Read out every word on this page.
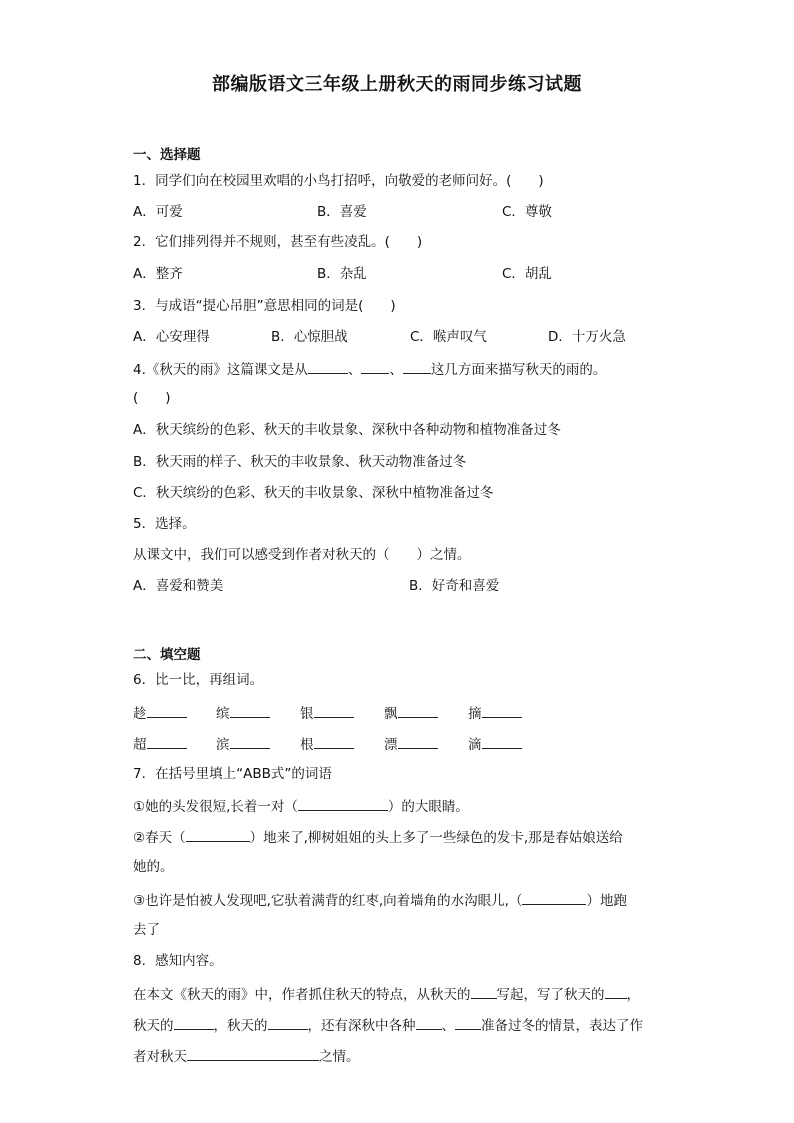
部编版语文三年级上册秋天的雨同步练习试题
一、选择题
1．同学们向在校园里欢唱的小鸟打招呼，向敬爱的老师问好。(　　)
A．可爱	B．喜爱	C．尊敬
2．它们排列得并不规则，甚至有些凌乱。(　　)
A．整齐	B．杂乱	C．胡乱
3．与成语“提心吊胆”意思相同的词是(　　)
A．心安理得	B．心惊胆战	C．喉声叹气	D．十万火急
4.《秋天的雨》这篇课文是从	、 、 这几方面来描写秋天的雨的。
(　　)
A．秋天缤纷的色彩、秋天的丰收景象、深秋中各种动物和植物准备过冬
B．秋天雨的样子、秋天的丰收景象、秋天动物准备过冬
C．秋天缤纷的色彩、秋天的丰收景象、深秋中植物准备过冬
5．选择。
从课文中，我们可以感受到作者对秋天的（　　）之情。
A．喜爱和赞美	B．好奇和喜爱
二、填空题
6．比一比，再组词。
趁	缤	银	飘	摘
超	滨	根	漂	滴
7．在括号里填上“ABB式”的词语
①她的头发很短,长着一对（	）的大眼睛。
②春天（	）地来了,柳树姐姐的头上多了一些绿色的发卡,那是春姑娘送给
她的。
③也许是怕被人发现吧,它驮着满背的红枣,向着墙角的水沟眼儿,（	）地跑
去了
8．感知内容。
在本文《秋天的雨》中，作者抓住秋天的特点，从秋天的 写起，写了秋天的 ，
秋天的	，秋天的	，还有深秋中各种 、 准备过冬的情景，表达了作
者对秋天	之情。
